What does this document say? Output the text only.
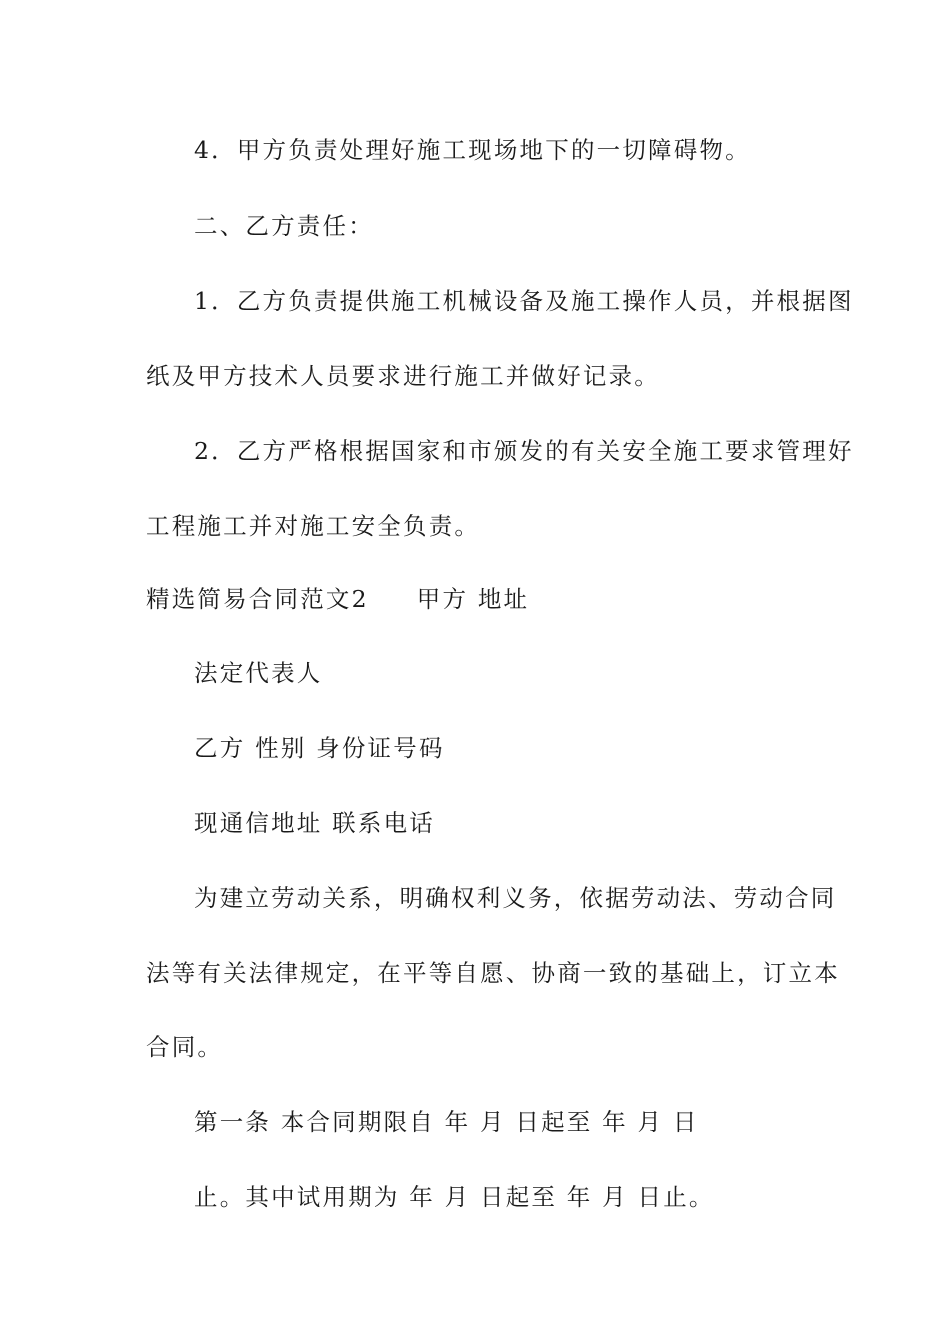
4．甲方负责处理好施工现场地下的一切障碍物。

二、乙方责任：

1．乙方负责提供施工机械设备及施工操作人员，并根据图

纸及甲方技术人员要求进行施工并做好记录。

2．乙方严格根据国家和市颁发的有关安全施工要求管理好

工程施工并对施工安全负责。

精选简易合同范文2 甲方 地址

法定代表人

乙方 性别 身份证号码

现通信地址 联系电话

为建立劳动关系，明确权利义务，依据劳动法、劳动合同

法等有关法律规定，在平等自愿、协商一致的基础上，订立本

合同。

第一条 本合同期限自 年 月 日起至 年 月 日

止。其中试用期为 年 月 日起至 年 月 日止。
